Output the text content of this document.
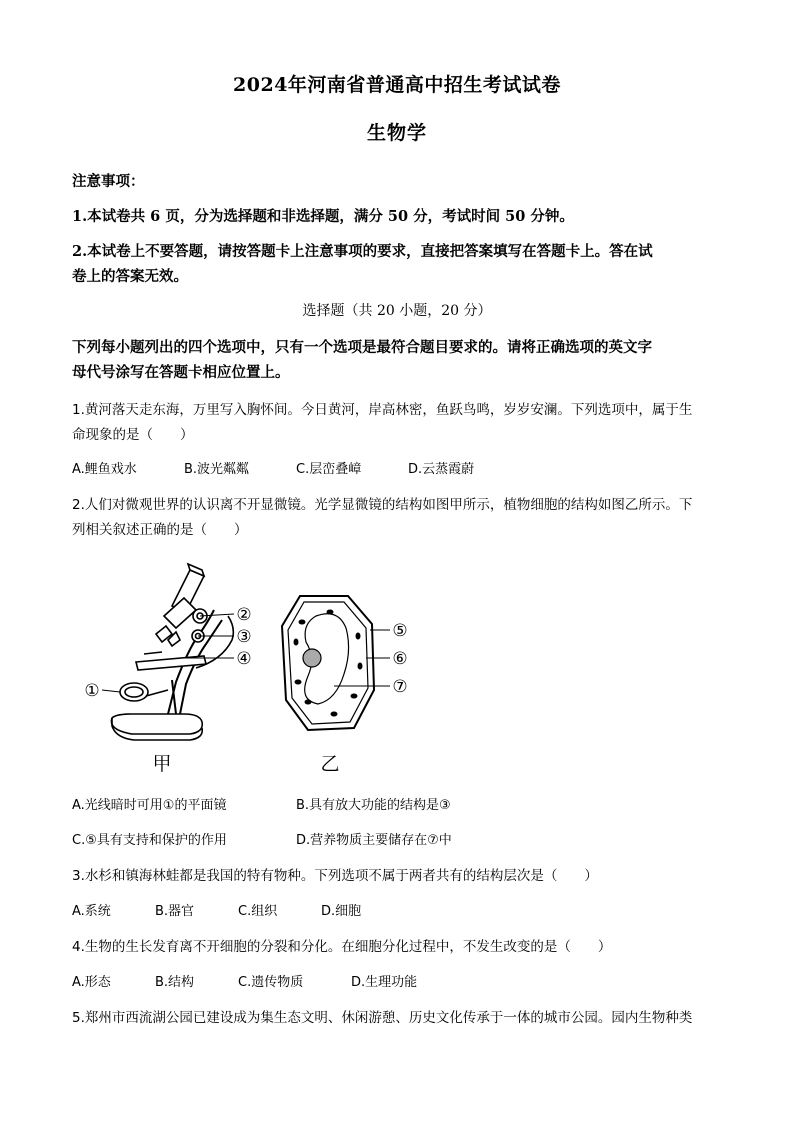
2024年河南省普通高中招生考试试卷
生物学
注意事项：
1.本试卷共 6 页，分为选择题和非选择题，满分 50 分，考试时间 50 分钟。
2.本试卷上不要答题，请按答题卡上注意事项的要求，直接把答案填写在答题卡上。答在试
卷上的答案无效。
选择题（共 20 小题，20 分）
下列每小题列出的四个选项中，只有一个选项是最符合题目要求的。请将正确选项的英文字
母代号涂写在答题卡相应位置上。
1.黄河落天走东海，万里写入胸怀间。今日黄河，岸高林密，鱼跃鸟鸣，岁岁安澜。下列选项中，属于生
命现象的是（　　）
A.鲤鱼戏水	B.波光粼粼	C.层峦叠嶂	D.云蒸霞蔚
2.人们对微观世界的认识离不开显微镜。光学显微镜的结构如图甲所示，植物细胞的结构如图乙所示。下
列相关叙述正确的是（　　）
①
②
③
④
甲
⑤
⑥
⑦
乙
A.光线暗时可用①的平面镜	B.具有放大功能的结构是③
C.⑤具有支持和保护的作用	D.营养物质主要储存在⑦中
3.水杉和镇海林蛙都是我国的特有物种。下列选项不属于两者共有的结构层次是（　　）
A.系统	B.器官	C.组织	D.细胞
4.生物的生长发育离不开细胞的分裂和分化。在细胞分化过程中，不发生改变的是（　　）
A.形态	B.结构	C.遗传物质	D.生理功能
5.郑州市西流湖公园已建设成为集生态文明、休闲游憩、历史文化传承于一体的城市公园。园内生物种类
